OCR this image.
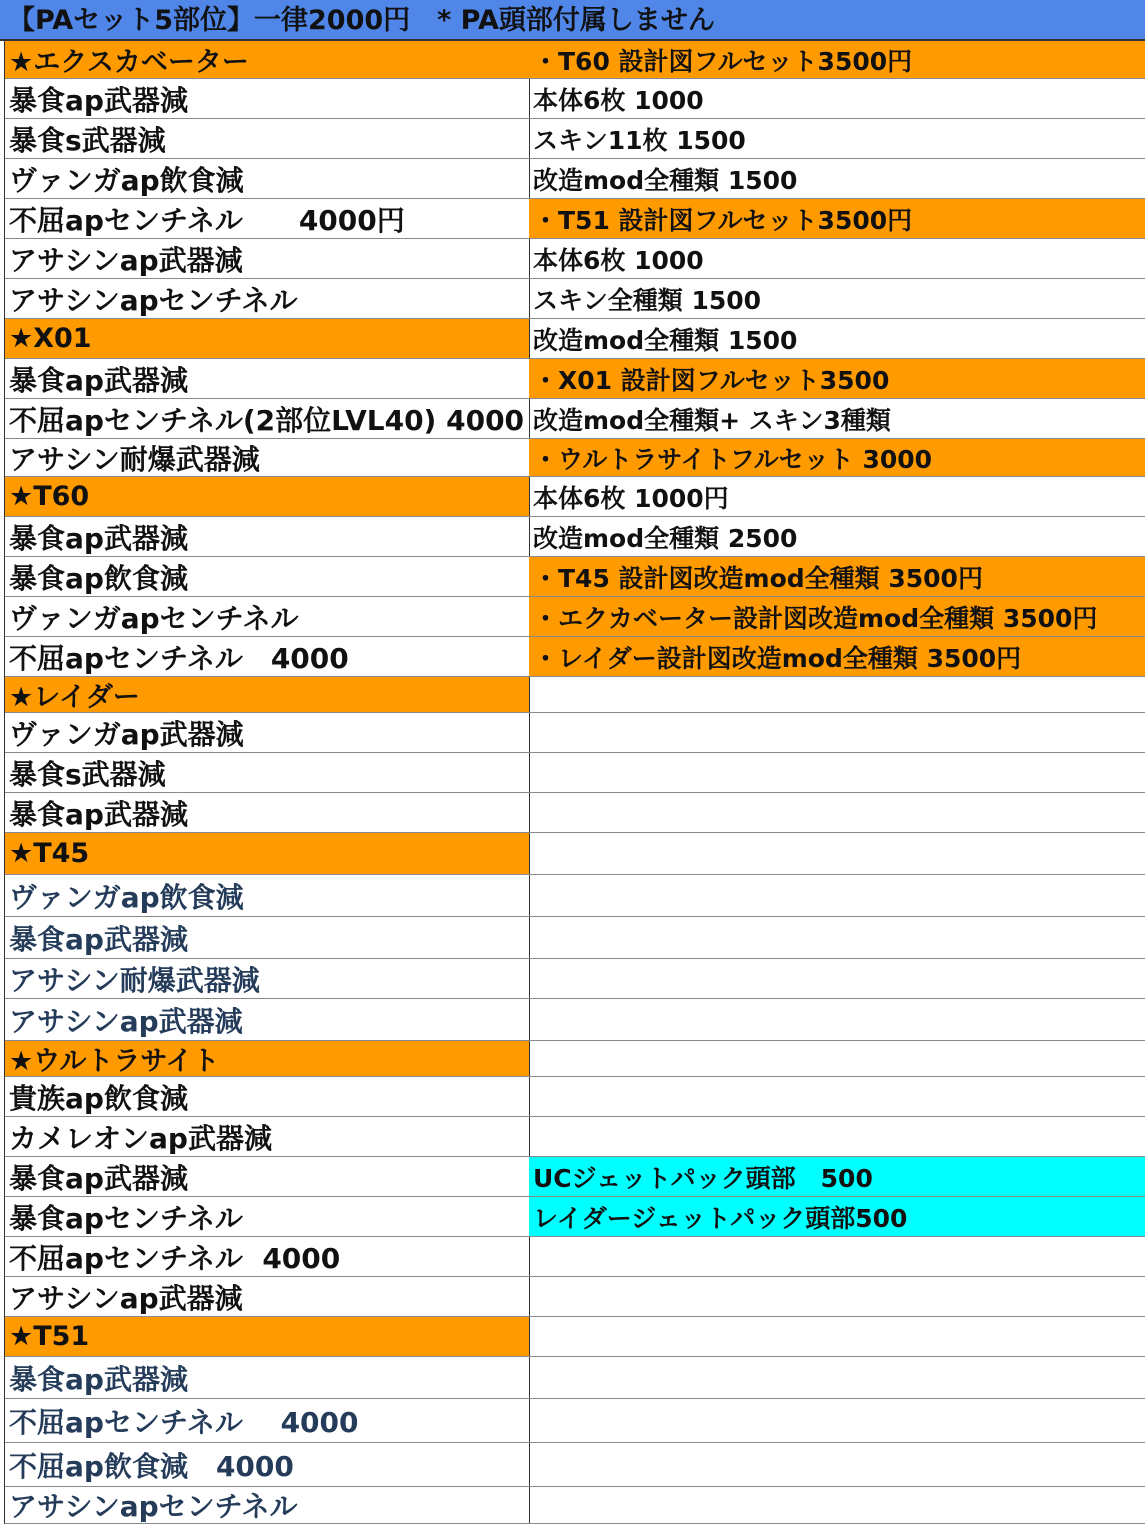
【PAセット5部位】一律2000円　* PA頭部付属しません
★エクスカベーター
暴食ap武器減
暴食s武器減
ヴァンガap飲食減
不屈apセンチネル　　4000円
アサシンap武器減
アサシンapセンチネル
★X01
暴食ap武器減
不屈apセンチネル(2部位LVL40) 4000
アサシン耐爆武器減
★T60
暴食ap武器減
暴食ap飲食減
ヴァンガapセンチネル
不屈apセンチネル　4000
★レイダー
ヴァンガap武器減
暴食s武器減
暴食ap武器減
★T45
ヴァンガap飲食減
暴食ap武器減
アサシン耐爆武器減
アサシンap武器減
★ウルトラサイト
貴族ap飲食減
カメレオンap武器減
暴食ap武器減
暴食apセンチネル
不屈apセンチネル  4000
アサシンap武器減
★T51
暴食ap武器減
不屈apセンチネル　 4000
不屈ap飲食減　4000
アサシンapセンチネル
・T60 設計図フルセット3500円
本体6枚 1000
スキン11枚 1500
改造mod全種類 1500
・T51 設計図フルセット3500円
本体6枚 1000
スキン全種類 1500
改造mod全種類 1500
・X01 設計図フルセット3500
改造mod全種類+ スキン3種類
・ウルトラサイトフルセット 3000
本体6枚 1000円
改造mod全種類 2500
・T45 設計図改造mod全種類 3500円
・エクカベーター設計図改造mod全種類 3500円
・レイダー設計図改造mod全種類 3500円
UCジェットパック頭部　500
レイダージェットパック頭部500
